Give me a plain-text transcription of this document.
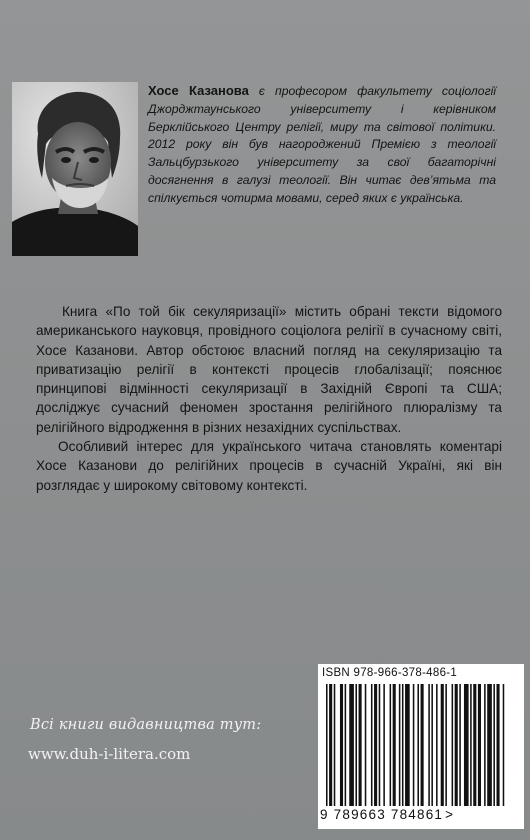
Хосе Казанова є професором факультету соціології Джорджтаунського університету і керівником Берклійського Центру релігії, миру та світової політики. 2012 року він був нагороджений Премією з теології Зальцбурзького університету за свої багаторічні досягнення в галузі теології. Він читає дев’ятьма та спілкується чотирма мовами, серед яких є українська.

Книга «По той бік секуляризації» містить обрані тексти відомого американського науковця, провідного соціолога релігії в сучасному світі, Хосе Казанови. Автор обстоює власний погляд на секуляризацію та приватизацію релігії в контексті процесів глобалізації; пояснює принципові відмінності секуляризації в Західній Європі та США; досліджує сучасний феномен зростання релігійного плюралізму та релігійного відродження в різних незахідних суспільствах.

Особливий інтерес для українського читача становлять коментарі Хосе Казанови до релігійних процесів в сучасній Україні, які він розглядає у широкому світовому контексті.

Всі книги видавництва тут:
www.duh-i-litera.com
ISBN 978-966-378-486-1
9 789663 784861 >
